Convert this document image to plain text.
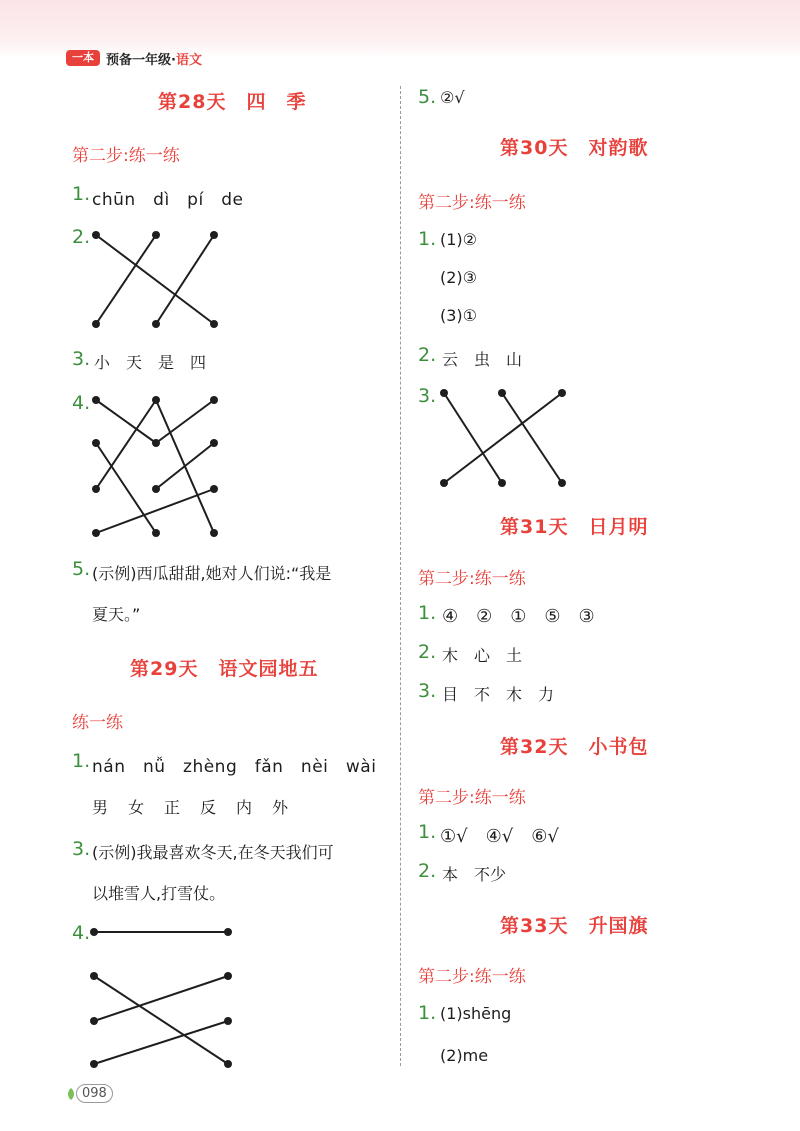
一本 预备一年级· 语文
第28天　四　季
第二步:练一练
1. chūn　dì　pí　de
2.
3. 小　天　是　四
4.
5. (示例)西瓜甜甜,她对人们说:“我是
夏天。”
第29天　语文园地五
练一练
1. nán　nǚ　zhèng　fǎn　nèi　wài
男　女　正　反　内　外
3. (示例)我最喜欢冬天,在冬天我们可
以堆雪人,打雪仗。
4.
5. ②√
第30天　对韵歌
第二步:练一练
1. (1)②
(2)③
(3)①
2. 云　虫　山
3.
第31天　日月明
第二步:练一练
1. ④　②　①　⑤　③
2. 木　心　土
3. 目　不　木　力
第32天　小书包
第二步:练一练
1. ①√　④√　⑥√
2. 本　不少
第33天　升国旗
第二步:练一练
1. (1)shēng
(2)me
098
